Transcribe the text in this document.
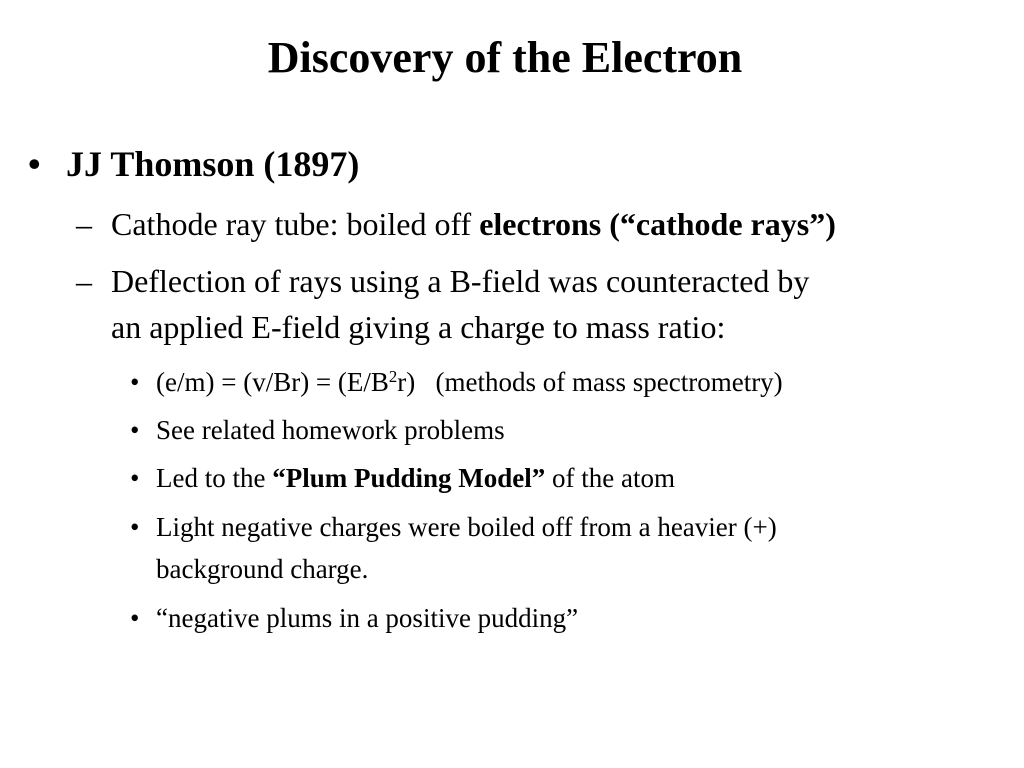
Discovery of the Electron
• JJ Thomson (1897)
– Cathode ray tube: boiled off electrons (“cathode rays”)
– Deflection of rays using a B-field was counteracted by
an applied E-field giving a charge to mass ratio:
• $(e/m) = (v/Br) = (E/B^2r)$   (methods of mass spectrometry)
• See related homework problems
• Led to the “Plum Pudding Model” of the atom
• Light negative charges were boiled off from a heavier (+)
background charge.
• “negative plums in a positive pudding”
